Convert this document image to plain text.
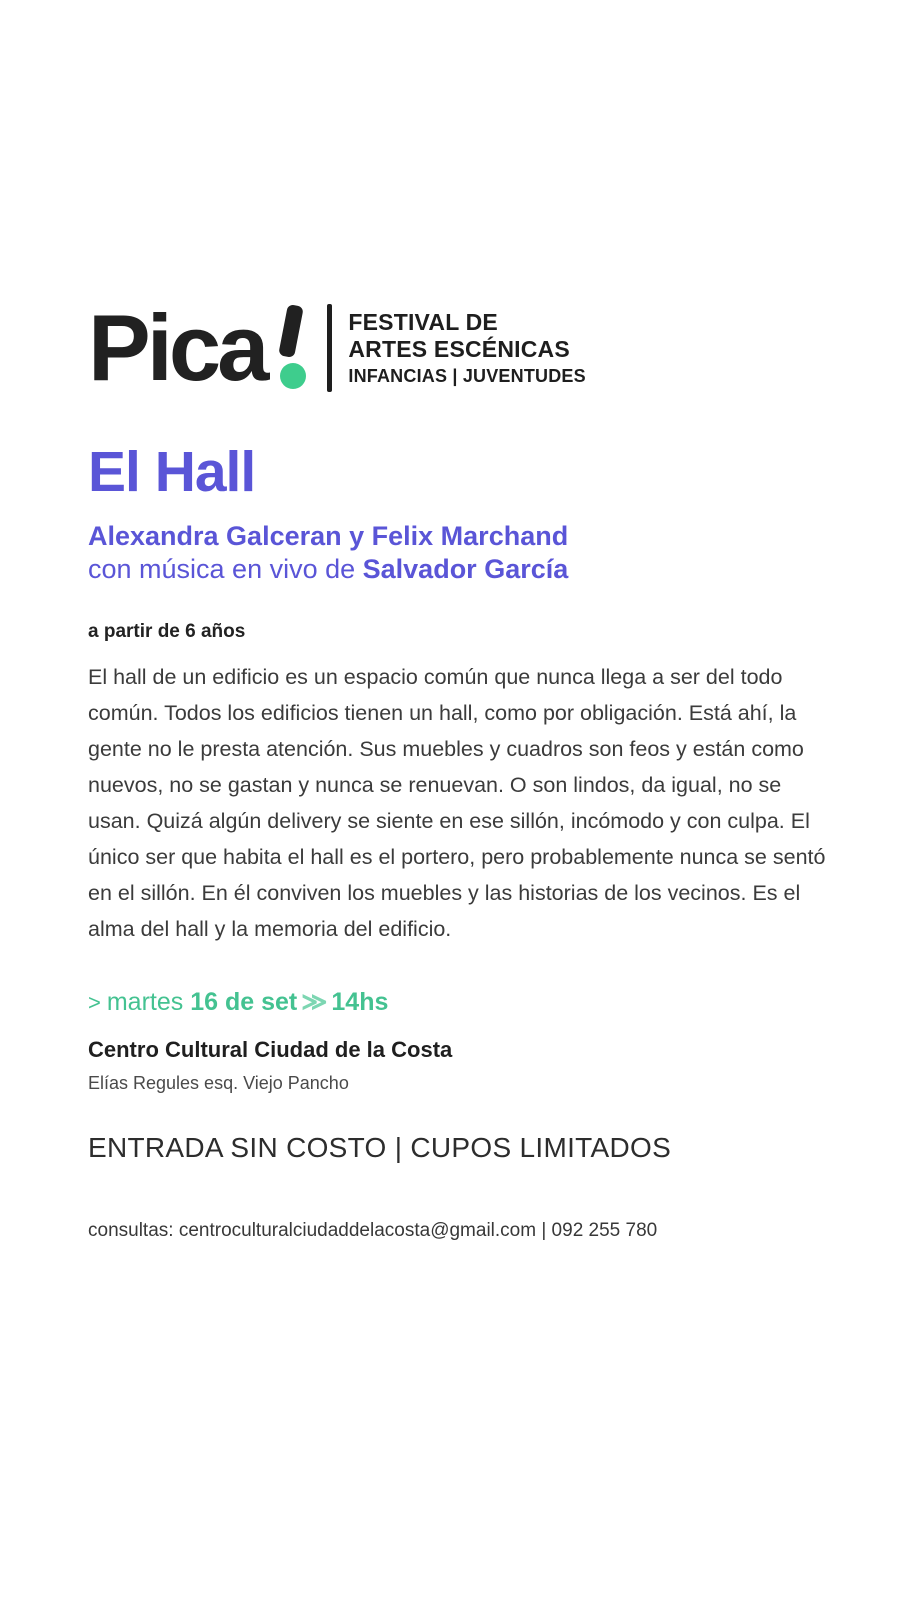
Pica	FESTIVAL DE
ARTES ESCÉNICAS
INFANCIAS | JUVENTUDES
El Hall
Alexandra Galceran y Felix Marchand
con música en vivo de Salvador García
a partir de 6 años
El hall de un edificio es un espacio común que nunca llega a ser del todo común. Todos los edificios tienen un hall, como por obligación. Está ahí, la gente no le presta atención. Sus muebles y cuadros son feos y están como nuevos, no se gastan y nunca se renuevan. O son lindos, da igual, no se usan. Quizá algún delivery se siente en ese sillón, incómodo y con culpa. El único ser que habita el hall es el portero, pero probablemente nunca se sentó en el sillón. En él conviven los muebles y las historias de los vecinos. Es el alma del hall y la memoria del edificio.
> martes 16 de set ≫ 14hs
Centro Cultural Ciudad de la Costa
Elías Regules esq. Viejo Pancho
ENTRADA SIN COSTO | CUPOS LIMITADOS
consultas: centroculturalciudaddelacosta@gmail.com | 092 255 780
